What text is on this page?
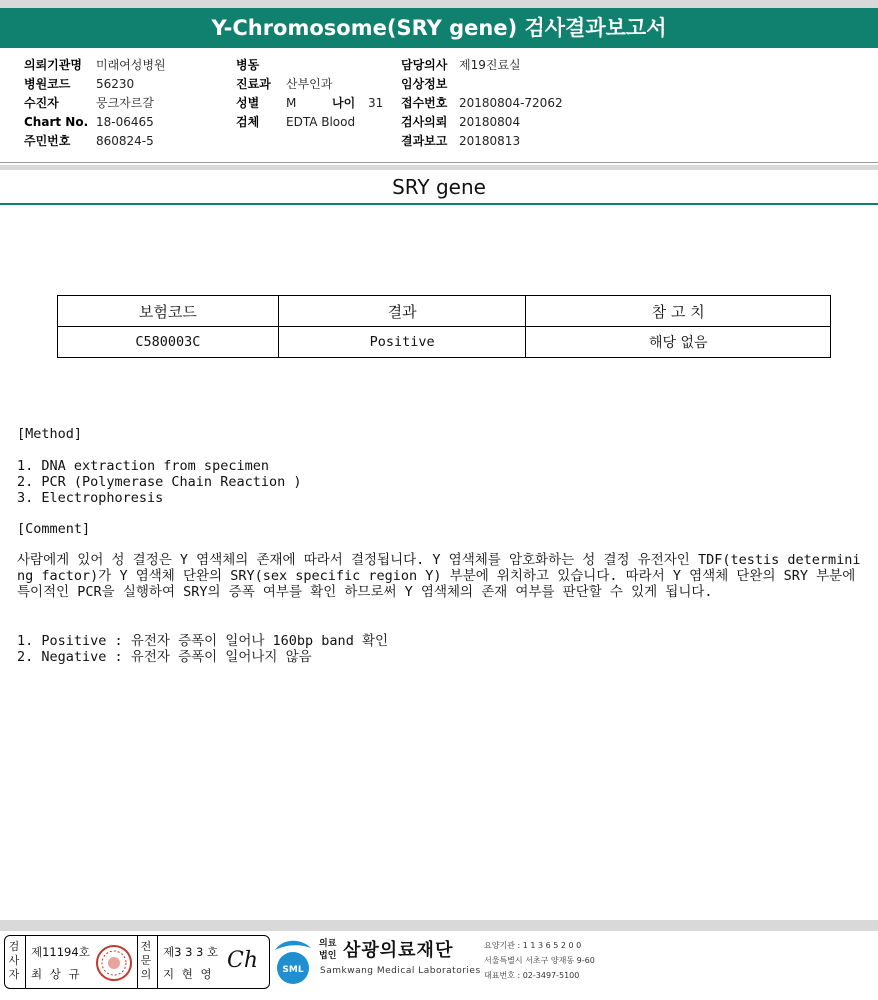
Y-Chromosome(SRY gene) 검사결과보고서
의뢰기관명	미래여성병원
병원코드	56230
수진자	뭉크자르갈
Chart No. 18-06465
주민번호	860824-5
병동
진료과	산부인과
성별	M	나이	31
검체	EDTA Blood
담당의사 제19진료실
임상정보
접수번호 20180804-72062
검사의뢰 20180804
결과보고 20180813
SRY gene
보험코드	결과	참 고 치
C580003C	Positive	해당 없음
[Method]
1. DNA extraction from specimen
2. PCR (Polymerase Chain Reaction )
3. Electrophoresis
[Comment]
사람에게 있어 성 결정은 Y 염색체의 존재에 따라서 결정됩니다. Y 염색체를 암호화하는 성 결정 유전자인 TDF(testis determining factor)가 Y 염색체 단완의 SRY(sex specific region Y) 부분에 위치하고 있습니다. 따라서 Y 염색체 단완의 SRY 부분에 특이적인 PCR을 실행하여 SRY의 증폭 여부를 확인 하므로써 Y 염색체의 존재 여부를 판단할 수 있게 됩니다.
1. Positive : 유전자 증폭이 일어나 160bp band 확인
2. Negative : 유전자 증폭이 일어나지 않음
검사자
제11194호
최 상 규
전문의
제3 3 3 호
지 현 영
Ch	SML
의료
법인 삼광의료재단
Samkwang Medical Laboratories
요양기관 : 1 1 3 6 5 2 0 0
서울특별시 서초구 양재동 9-60
대표번호 : 02-3497-5100
